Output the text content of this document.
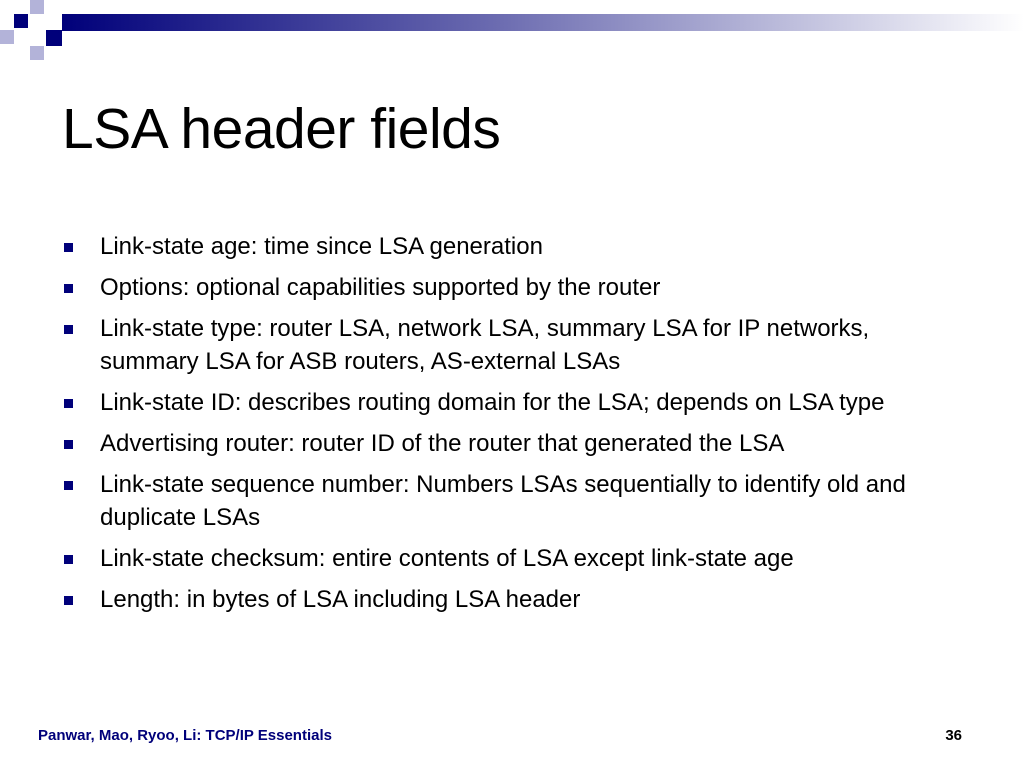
LSA header fields
Link-state age: time since LSA generation
Options: optional capabilities supported by the router
Link-state type: router LSA, network LSA, summary LSA for IP networks, summary LSA for ASB routers, AS-external LSAs
Link-state ID: describes routing domain for the LSA; depends on LSA type
Advertising router: router ID of the router that generated the LSA
Link-state sequence number: Numbers LSAs sequentially to identify old and duplicate LSAs
Link-state checksum: entire contents of LSA except link-state age
Length: in bytes of LSA including LSA header
Panwar, Mao, Ryoo, Li: TCP/IP Essentials	36
